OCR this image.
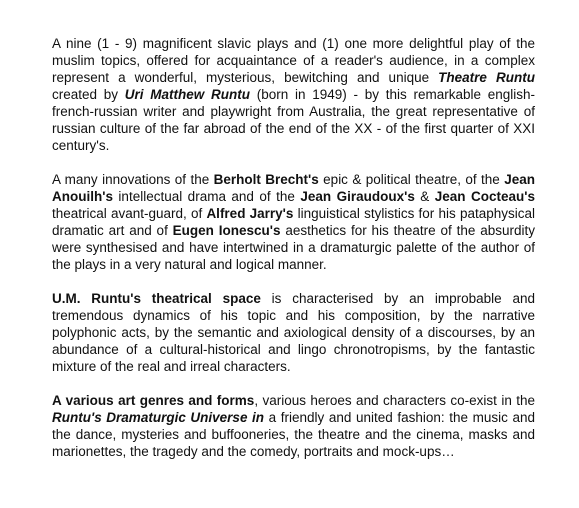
A nine (1 - 9) magnificent slavic plays and (1) one more delightful play of the muslim topics, offered for acquaintance of a reader's audience, in a complex represent a wonderful, mysterious, bewitching and unique Theatre Runtu created by Uri Matthew Runtu (born in 1949) - by this remarkable english-french-russian writer and playwright from Australia, the great representative of russian culture of the far abroad of the end of the XX - of the first quarter of XXI century's.

A many innovations of the Berholt Brecht's epic & political theatre, of the Jean Anouilh's intellectual drama and of the Jean Giraudoux's & Jean Cocteau's theatrical avant-guard, of Alfred Jarry's linguistical stylistics for his pataphysical dramatic art and of Eugen Ionescu's aesthetics for his theatre of the absurdity were synthesised and have intertwined in a dramaturgic palette of the author of the plays in a very natural and logical manner.

U.M. Runtu's theatrical space is characterised by an improbable and tremendous dynamics of his topic and his composition, by the narrative polyphonic acts, by the semantic and axiological density of a discourses, by an abundance of a cultural-historical and lingo chronotropisms, by the fantastic mixture of the real and irreal characters.

A various art genres and forms, various heroes and characters co-exist in the Runtu's Dramaturgic Universe in a friendly and united fashion: the music and the dance, mysteries and buffooneries, the theatre and the cinema, masks and marionettes, the tragedy and the comedy, portraits and mock-ups…
